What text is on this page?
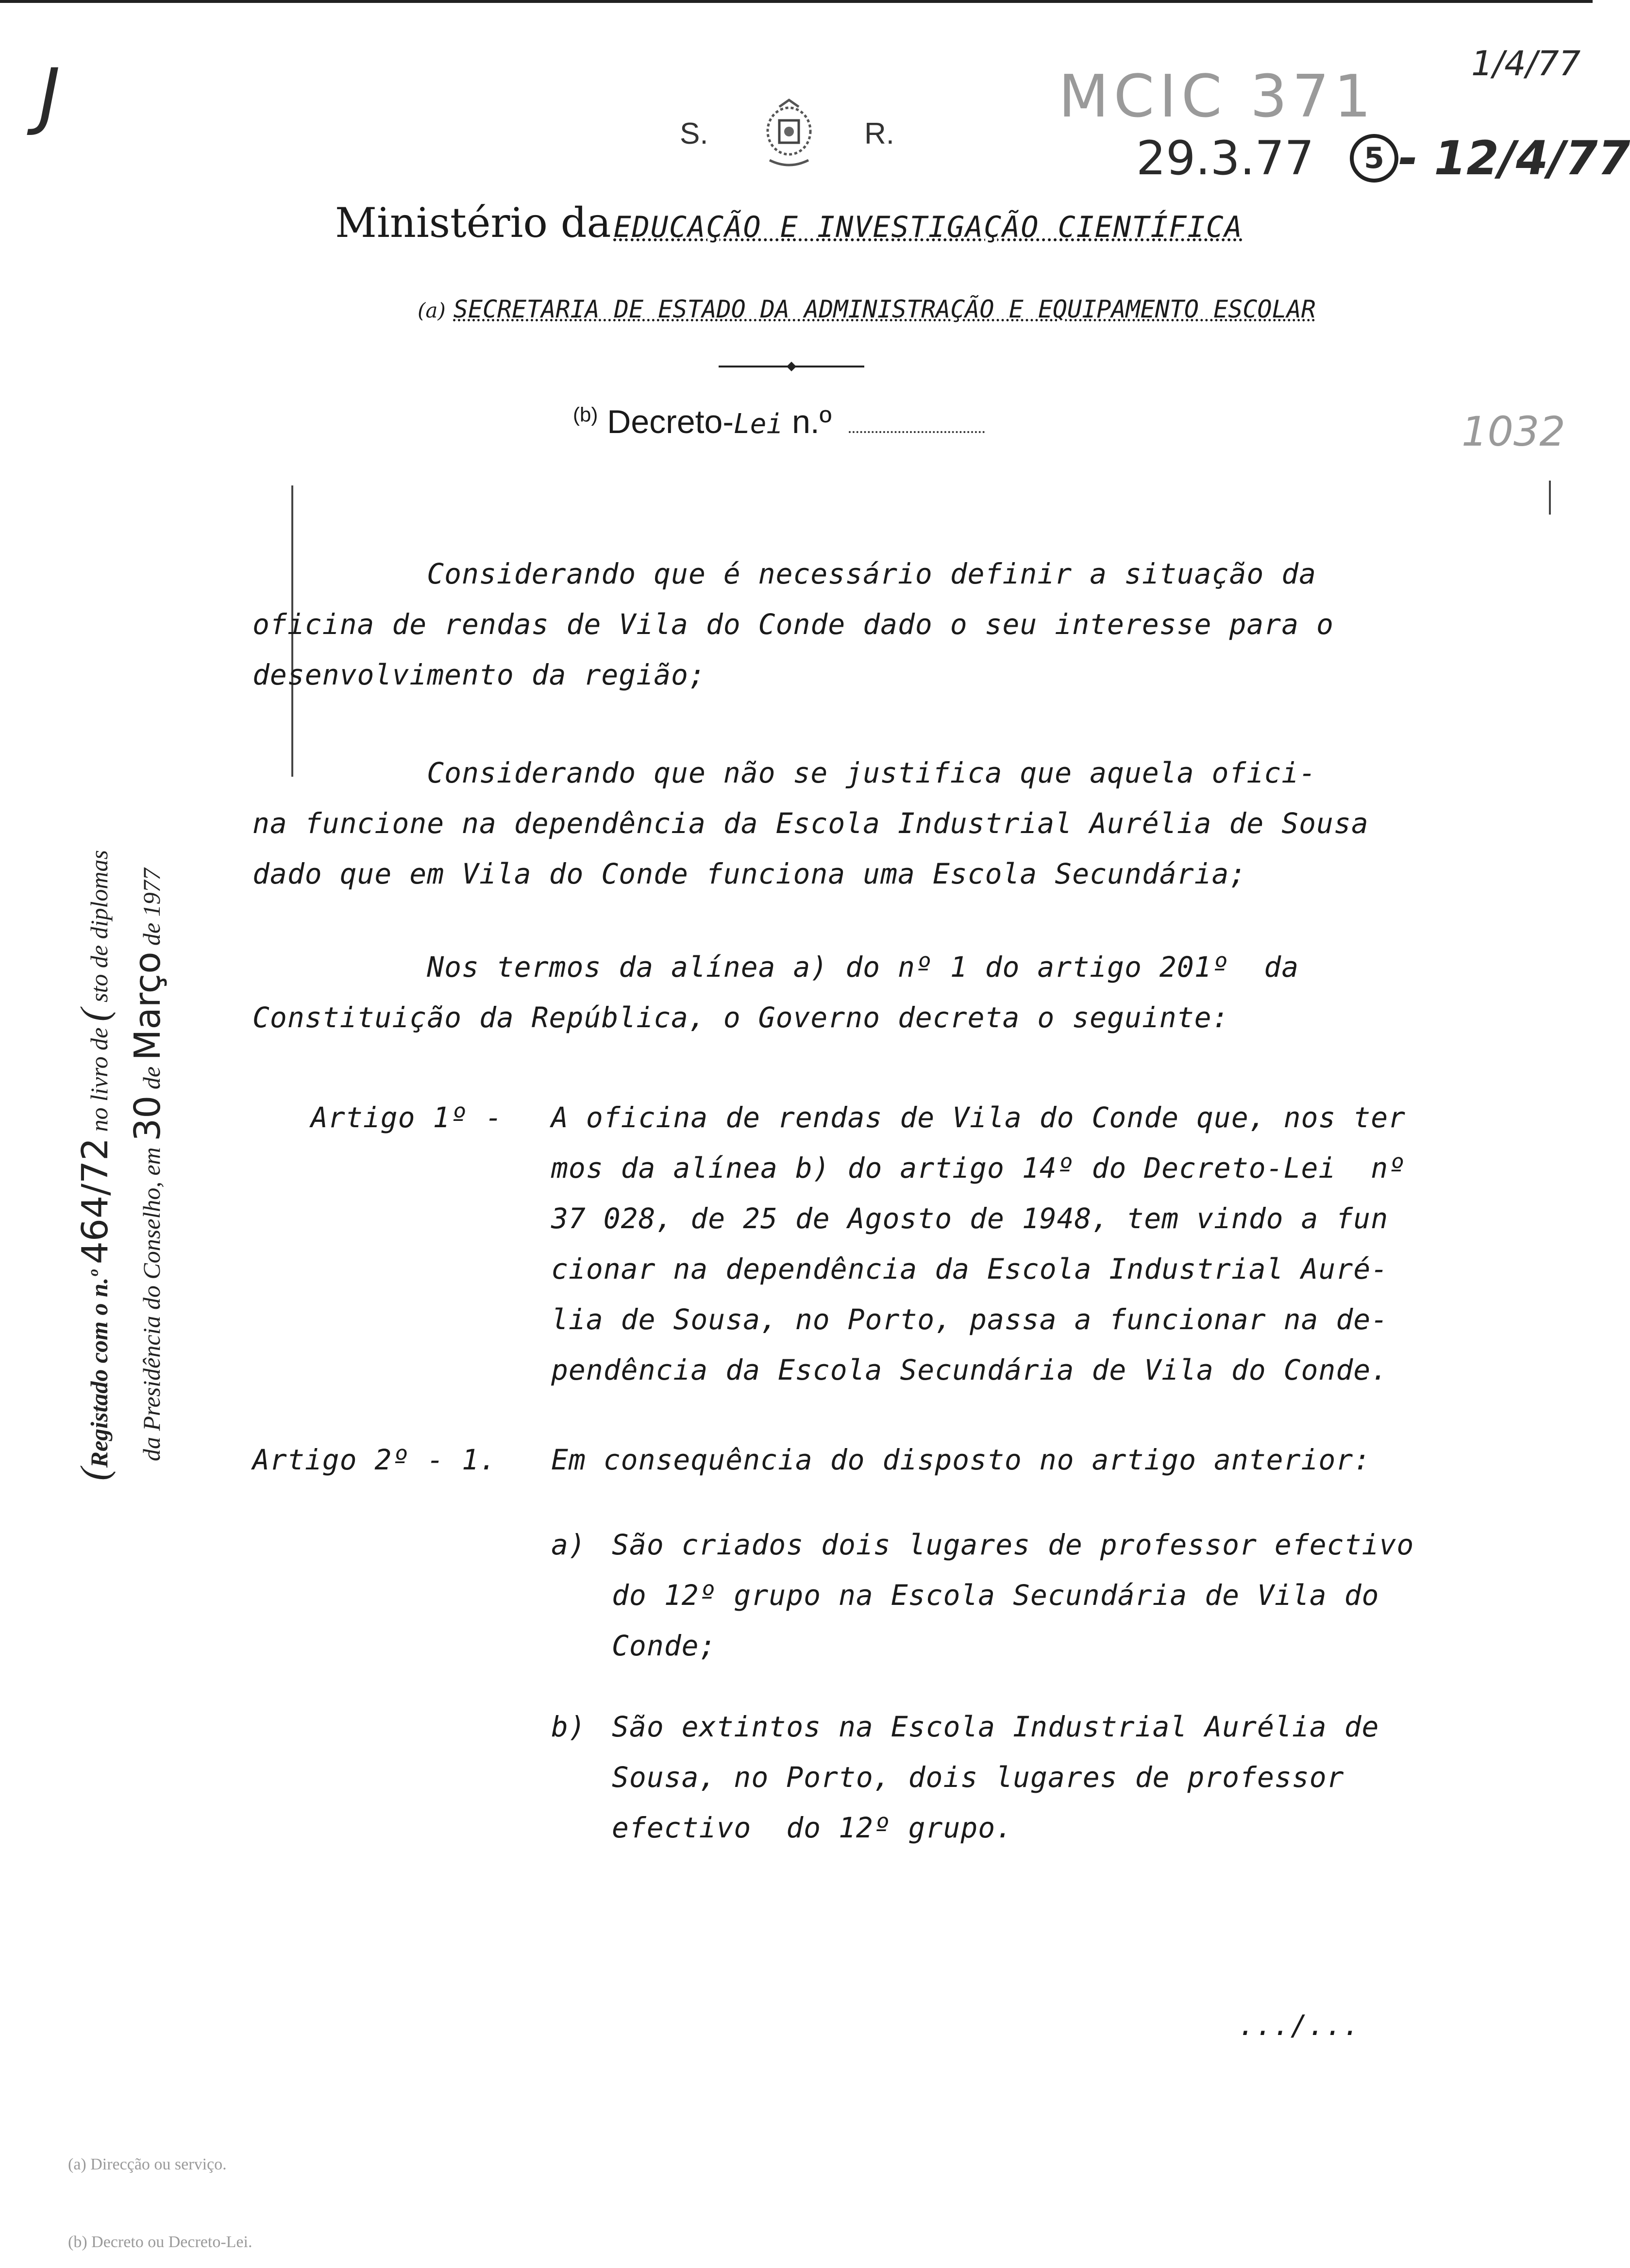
J	MCIC 371
29.3.77
1/4/77
5 - 12/4/77
1032
S.	R.
Ministério da EDUCAÇÃO E INVESTIGAÇÃO CIENTÍFICA
(a) SECRETARIA DE ESTADO DA ADMINISTRAÇÃO E EQUIPAMENTO ESCOLAR
$^{(b)}$ Decreto-Lei n.º
(Registado com o n.º 464/72 no livro de ( sto de diplomas
da Presidência do Conselho, em 30 de Março de 1977
Considerando que é necessário definir a situação da
oficina de rendas de Vila do Conde dado o seu interesse para o
desenvolvimento da região;
Considerando que não se justifica que aquela ofici-
na funcione na dependência da Escola Industrial Aurélia de Sousa
dado que em Vila do Conde funciona uma Escola Secundária;
Nos termos da alínea a) do nº 1 do artigo 201º  da
Constituição da República, o Governo decreta o seguinte:
Artigo 1º - A oficina de rendas de Vila do Conde que, nos ter
mos da alínea b) do artigo 14º do Decreto-Lei  nº
37 028, de 25 de Agosto de 1948, tem vindo a fun
cionar na dependência da Escola Industrial Auré-
lia de Sousa, no Porto, passa a funcionar na de-
pendência da Escola Secundária de Vila do Conde.
Artigo 2º - 1. Em consequência do disposto no artigo anterior:
a) São criados dois lugares de professor efectivo
do 12º grupo na Escola Secundária de Vila do
Conde;
b) São extintos na Escola Industrial Aurélia de
Sousa, no Porto, dois lugares de professor
efectivo  do 12º grupo.
.../...
(a) Direcção ou serviço.
(b) Decreto ou Decreto-Lei.
